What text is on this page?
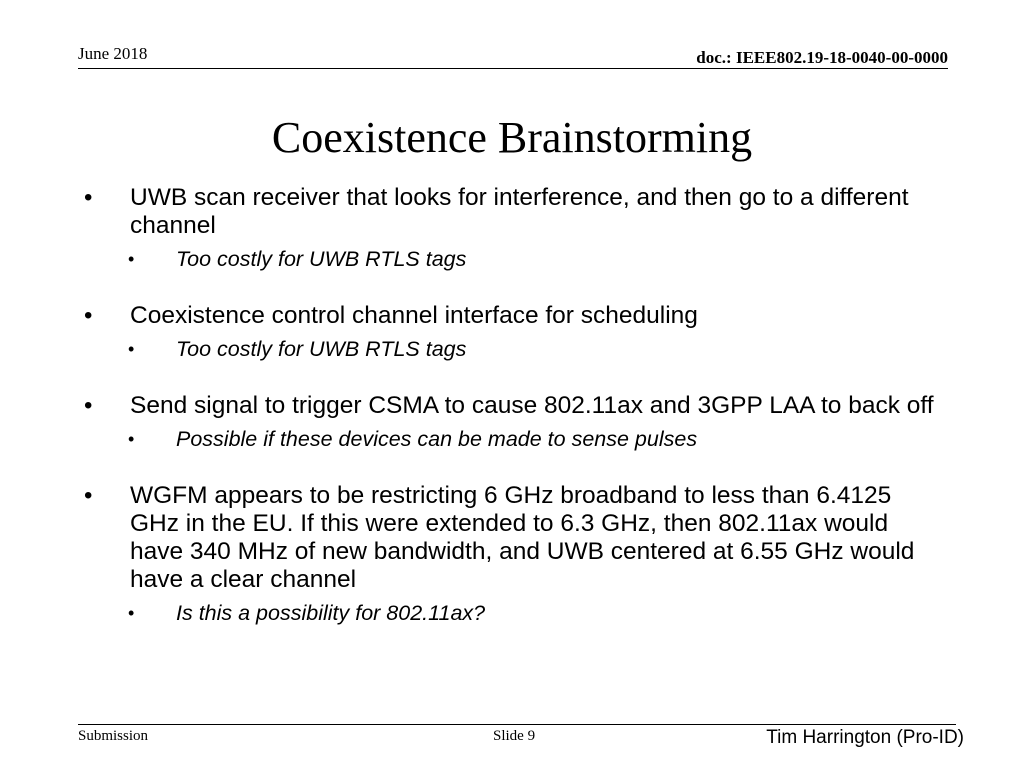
June 2018	doc.: IEEE802.19-18-0040-00-0000
Coexistence Brainstorming
• UWB scan receiver that looks for interference, and then go to a different channel
• Too costly for UWB RTLS tags
• Coexistence control channel interface for scheduling
• Too costly for UWB RTLS tags
• Send signal to trigger CSMA to cause 802.11ax and 3GPP LAA to back off
• Possible if these devices can be made to sense pulses
• WGFM appears to be restricting 6 GHz broadband to less than 6.4125 GHz in the EU. If this were extended to 6.3 GHz, then 802.11ax would have 340 MHz of new bandwidth, and UWB centered at 6.55 GHz would have a clear channel
• Is this a possibility for 802.11ax?
Submission	Slide 9	Tim Harrington (Pro-ID)
